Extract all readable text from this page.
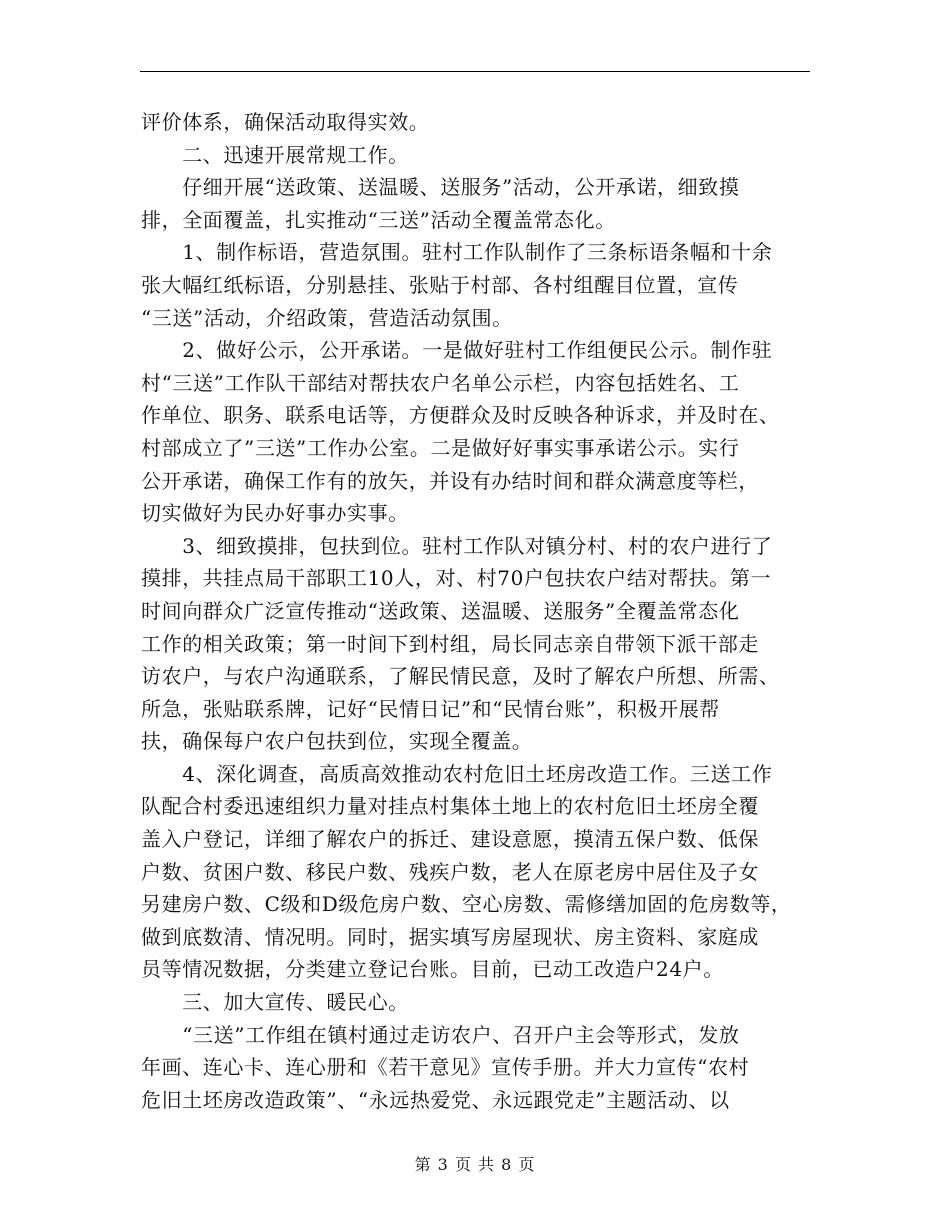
评价体系，确保活动取得实效。
　　二、迅速开展常规工作。
　　仔细开展“送政策、送温暖、送服务”活动，公开承诺，细致摸
排，全面覆盖，扎实推动“三送”活动全覆盖常态化。
　　1、制作标语，营造氛围。驻村工作队制作了三条标语条幅和十余
张大幅红纸标语，分别悬挂、张贴于村部、各村组醒目位置，宣传
“三送”活动，介绍政策，营造活动氛围。
　　2、做好公示，公开承诺。一是做好驻村工作组便民公示。制作驻
村“三送”工作队干部结对帮扶农户名单公示栏，内容包括姓名、工
作单位、职务、联系电话等，方便群众及时反映各种诉求，并及时在、
村部成立了”三送”工作办公室。二是做好好事实事承诺公示。实行
公开承诺，确保工作有的放矢，并设有办结时间和群众满意度等栏，
切实做好为民办好事办实事。
　　3、细致摸排，包扶到位。驻村工作队对镇分村、村的农户进行了
摸排，共挂点局干部职工10人，对、村70户包扶农户结对帮扶。第一
时间向群众广泛宣传推动“送政策、送温暖、送服务”全覆盖常态化
工作的相关政策；第一时间下到村组，局长同志亲自带领下派干部走
访农户，与农户沟通联系，了解民情民意，及时了解农户所想、所需、
所急，张贴联系牌，记好“民情日记”和“民情台账”，积极开展帮
扶，确保每户农户包扶到位，实现全覆盖。
　　4、深化调查，高质高效推动农村危旧土坯房改造工作。三送工作
队配合村委迅速组织力量对挂点村集体土地上的农村危旧土坯房全覆
盖入户登记，详细了解农户的拆迁、建设意愿，摸清五保户数、低保
户数、贫困户数、移民户数、残疾户数，老人在原老房中居住及子女
另建房户数、C级和D级危房户数、空心房数、需修缮加固的危房数等，
做到底数清、情况明。同时，据实填写房屋现状、房主资料、家庭成
员等情况数据，分类建立登记台账。目前，已动工改造户24户。
　　三、加大宣传、暖民心。
　　“三送”工作组在镇村通过走访农户、召开户主会等形式，发放
年画、连心卡、连心册和《若干意见》宣传手册。并大力宣传“农村
危旧土坯房改造政策”、“永远热爱党、永远跟党走”主题活动、以
第 3 页 共 8 页
